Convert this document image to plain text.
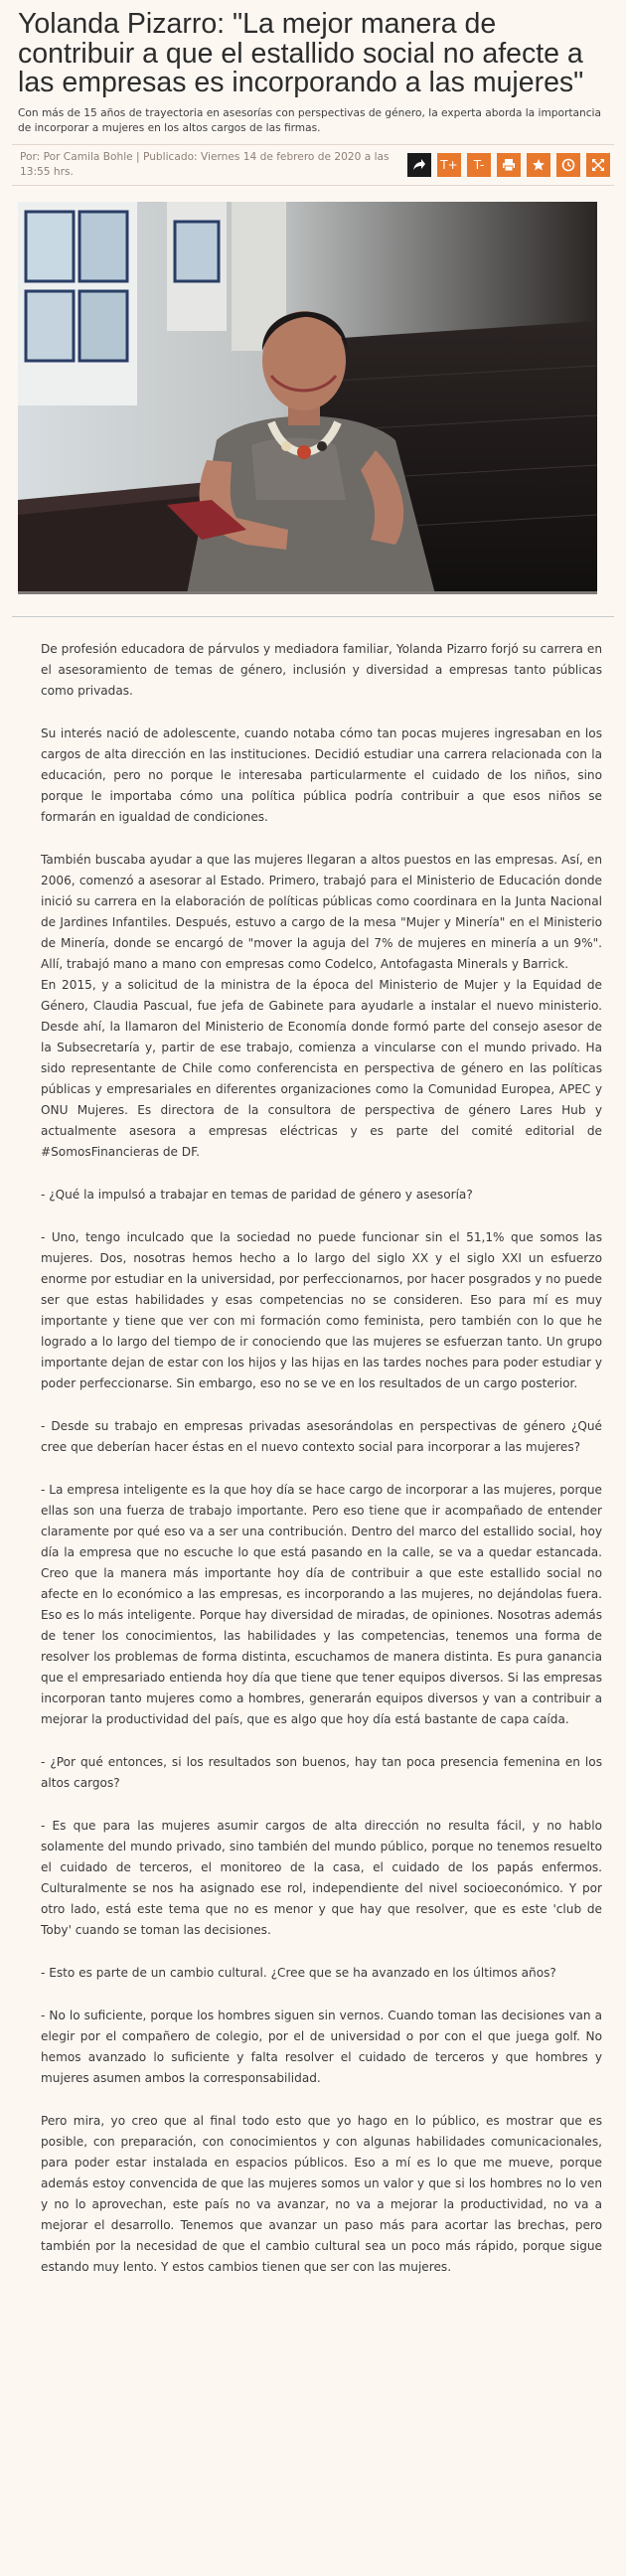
Yolanda Pizarro: "La mejor manera de contribuir a que el estallido social no afecte a las empresas es incorporando a las mujeres"

Con más de 15 años de trayectoria en asesorías con perspectivas de género, la experta aborda la importancia de incorporar a mujeres en los altos cargos de las firmas.

Por: Por Camila Bohle | Publicado: Viernes 14 de febrero de 2020 a las 13:55 hrs.	T+	T-

De profesión educadora de párvulos y mediadora familiar, Yolanda Pizarro forjó su carrera en el asesoramiento de temas de género, inclusión y diversidad a empresas tanto públicas como privadas.

Su interés nació de adolescente, cuando notaba cómo tan pocas mujeres ingresaban en los cargos de alta dirección en las instituciones. Decidió estudiar una carrera relacionada con la educación, pero no porque le interesaba particularmente el cuidado de los niños, sino porque le importaba cómo una política pública podría contribuir a que esos niños se formarán en igualdad de condiciones.

También buscaba ayudar a que las mujeres llegaran a altos puestos en las empresas. Así, en 2006, comenzó a asesorar al Estado. Primero, trabajó para el Ministerio de Educación donde inició su carrera en la elaboración de políticas públicas como coordinara en la Junta Nacional de Jardines Infantiles. Después, estuvo a cargo de la mesa "Mujer y Minería" en el Ministerio de Minería, donde se encargó de "mover la aguja del 7% de mujeres en minería a un 9%". Allí, trabajó mano a mano con empresas como Codelco, Antofagasta Minerals y Barrick.

En 2015, y a solicitud de la ministra de la época del Ministerio de Mujer y la Equidad de Género, Claudia Pascual, fue jefa de Gabinete para ayudarle a instalar el nuevo ministerio. Desde ahí, la llamaron del Ministerio de Economía donde formó parte del consejo asesor de la Subsecretaría y, partir de ese trabajo, comienza a vincularse con el mundo privado. Ha sido representante de Chile como conferencista en perspectiva de género en las políticas públicas y empresariales en diferentes organizaciones como la Comunidad Europea, APEC y ONU Mujeres. Es directora de la consultora de perspectiva de género Lares Hub y actualmente asesora a empresas eléctricas y es parte del comité editorial de #SomosFinancieras de DF.

- ¿Qué la impulsó a trabajar en temas de paridad de género y asesoría?

- Uno, tengo inculcado que la sociedad no puede funcionar sin el 51,1% que somos las mujeres. Dos, nosotras hemos hecho a lo largo del siglo XX y el siglo XXI un esfuerzo enorme por estudiar en la universidad, por perfeccionarnos, por hacer posgrados y no puede ser que estas habilidades y esas competencias no se consideren. Eso para mí es muy importante y tiene que ver con mi formación como feminista, pero también con lo que he logrado a lo largo del tiempo de ir conociendo que las mujeres se esfuerzan tanto. Un grupo importante dejan de estar con los hijos y las hijas en las tardes noches para poder estudiar y poder perfeccionarse. Sin embargo, eso no se ve en los resultados de un cargo posterior.

- Desde su trabajo en empresas privadas asesorándolas en perspectivas de género ¿Qué cree que deberían hacer éstas en el nuevo contexto social para incorporar a las mujeres?

- La empresa inteligente es la que hoy día se hace cargo de incorporar a las mujeres, porque ellas son una fuerza de trabajo importante. Pero eso tiene que ir acompañado de entender claramente por qué eso va a ser una contribución. Dentro del marco del estallido social, hoy día la empresa que no escuche lo que está pasando en la calle, se va a quedar estancada. Creo que la manera más importante hoy día de contribuir a que este estallido social no afecte en lo económico a las empresas, es incorporando a las mujeres, no dejándolas fuera. Eso es lo más inteligente. Porque hay diversidad de miradas, de opiniones. Nosotras además de tener los conocimientos, las habilidades y las competencias, tenemos una forma de resolver los problemas de forma distinta, escuchamos de manera distinta. Es pura ganancia que el empresariado entienda hoy día que tiene que tener equipos diversos. Si las empresas incorporan tanto mujeres como a hombres, generarán equipos diversos y van a contribuir a mejorar la productividad del país, que es algo que hoy día está bastante de capa caída.

- ¿Por qué entonces, si los resultados son buenos, hay tan poca presencia femenina en los altos cargos?

- Es que para las mujeres asumir cargos de alta dirección no resulta fácil, y no hablo solamente del mundo privado, sino también del mundo público, porque no tenemos resuelto el cuidado de terceros, el monitoreo de la casa, el cuidado de los papás enfermos. Culturalmente se nos ha asignado ese rol, independiente del nivel socioeconómico. Y por otro lado, está este tema que no es menor y que hay que resolver, que es este 'club de Toby' cuando se toman las decisiones.

- Esto es parte de un cambio cultural. ¿Cree que se ha avanzado en los últimos años?

- No lo suficiente, porque los hombres siguen sin vernos. Cuando toman las decisiones van a elegir por el compañero de colegio, por el de universidad o por con el que juega golf. No hemos avanzado lo suficiente y falta resolver el cuidado de terceros y que hombres y mujeres asumen ambos la corresponsabilidad.

Pero mira, yo creo que al final todo esto que yo hago en lo público, es mostrar que es posible, con preparación, con conocimientos y con algunas habilidades comunicacionales, para poder estar instalada en espacios públicos. Eso a mí es lo que me mueve, porque además estoy convencida de que las mujeres somos un valor y que si los hombres no lo ven y no lo aprovechan, este país no va avanzar, no va a mejorar la productividad, no va a mejorar el desarrollo. Tenemos que avanzar un paso más para acortar las brechas, pero también por la necesidad de que el cambio cultural sea un poco más rápido, porque sigue estando muy lento. Y estos cambios tienen que ser con las mujeres.
